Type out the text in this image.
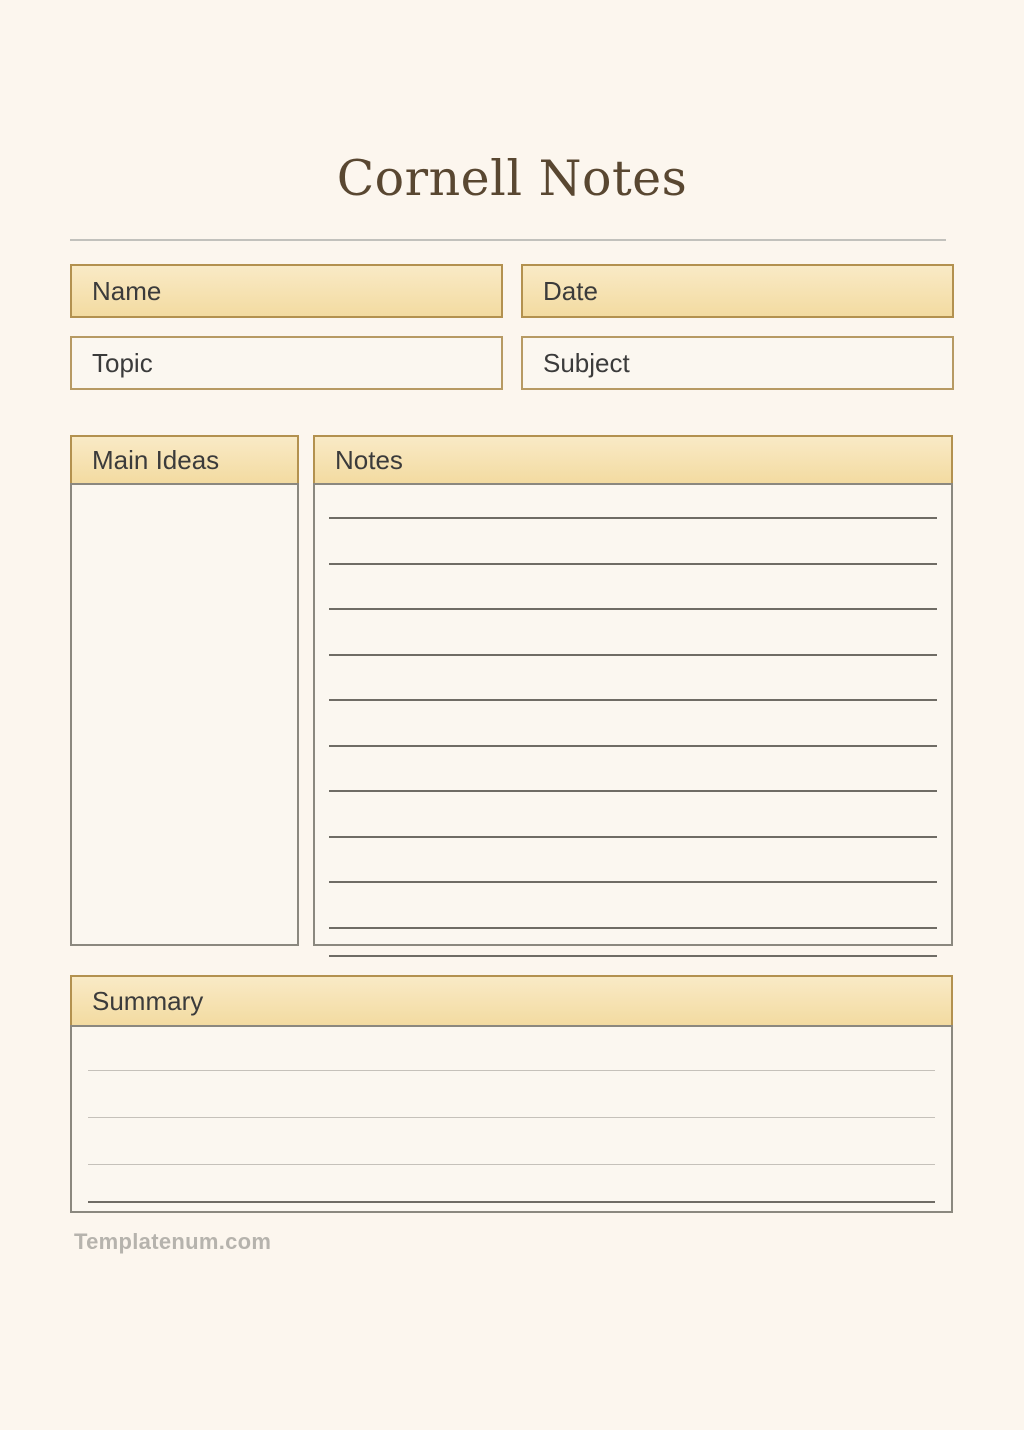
Cornell Notes
Name	Date
Topic	Subject
Main Ideas	Notes
Summary
Templatenum.com
